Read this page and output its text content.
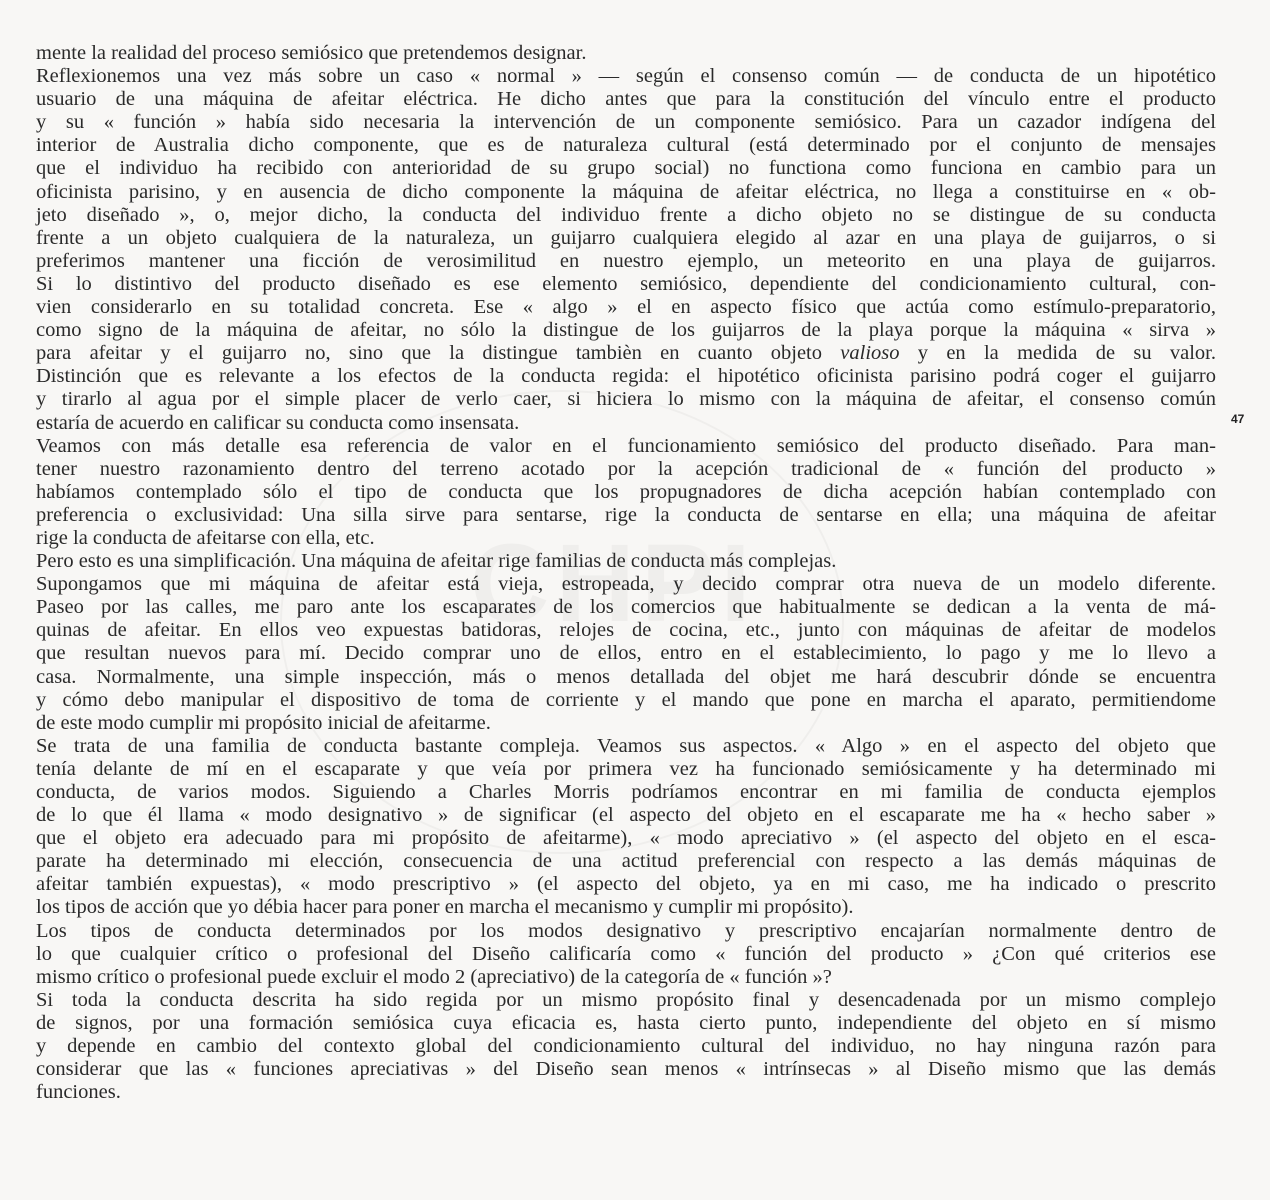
mente la realidad del proceso semiósico que pretendemos designar.
Reflexionemos una vez más sobre un caso « normal » — según el consenso común — de conducta de un hipotético
usuario de una máquina de afeitar eléctrica. He dicho antes que para la constitución del vínculo entre el producto
y su « función » había sido necesaria la intervención de un componente semiósico. Para un cazador indígena del
interior de Australia dicho componente, que es de naturaleza cultural (está determinado por el conjunto de mensajes
que el individuo ha recibido con anterioridad de su grupo social) no functiona como funciona en cambio para un
oficinista parisino, y en ausencia de dicho componente la máquina de afeitar eléctrica, no llega a constituirse en « ob-
jeto diseñado », o, mejor dicho, la conducta del individuo frente a dicho objeto no se distingue de su conducta
frente a un objeto cualquiera de la naturaleza, un guijarro cualquiera elegido al azar en una playa de guijarros, o si
preferimos mantener una ficción de verosimilitud en nuestro ejemplo, un meteorito en una playa de guijarros.
Si lo distintivo del producto diseñado es ese elemento semiósico, dependiente del condicionamiento cultural, con-
vien considerarlo en su totalidad concreta. Ese « algo » el en aspecto físico que actúa como estímulo-preparatorio,
como signo de la máquina de afeitar, no sólo la distingue de los guijarros de la playa porque la máquina « sirva »
para afeitar y el guijarro no, sino que la distingue tambièn en cuanto objeto valioso y en la medida de su valor.
Distinción que es relevante a los efectos de la conducta regida: el hipotético oficinista parisino podrá coger el guijarro
y tirarlo al agua por el simple placer de verlo caer, si hiciera lo mismo con la máquina de afeitar, el consenso común
estaría de acuerdo en calificar su conducta como insensata.
Veamos con más detalle esa referencia de valor en el funcionamiento semiósico del producto diseñado. Para man-
tener nuestro razonamiento dentro del terreno acotado por la acepción tradicional de « función del producto »
habíamos contemplado sólo el tipo de conducta que los propugnadores de dicha acepción habían contemplado con
preferencia o exclusividad: Una silla sirve para sentarse, rige la conducta de sentarse en ella; una máquina de afeitar
rige la conducta de afeitarse con ella, etc.
Pero esto es una simplificación. Una máquina de afeitar rige familias de conducta más complejas.
Supongamos que mi máquina de afeitar está vieja, estropeada, y decido comprar otra nueva de un modelo diferente.
Paseo por las calles, me paro ante los escaparates de los comercios que habitualmente se dedican a la venta de má-
quinas de afeitar. En ellos veo expuestas batidoras, relojes de cocina, etc., junto con máquinas de afeitar de modelos
que resultan nuevos para mí. Decido comprar uno de ellos, entro en el establecimiento, lo pago y me lo llevo a
casa. Normalmente, una simple inspección, más o menos detallada del objet me hará descubrir dónde se encuentra
y cómo debo manipular el dispositivo de toma de corriente y el mando que pone en marcha el aparato, permitiendome
de este modo cumplir mi propósito inicial de afeitarme.
Se trata de una familia de conducta bastante compleja. Veamos sus aspectos. « Algo » en el aspecto del objeto que
tenía delante de mí en el escaparate y que veía por primera vez ha funcionado semiósicamente y ha determinado mi
conducta, de varios modos. Siguiendo a Charles Morris podríamos encontrar en mi familia de conducta ejemplos
de lo que él llama « modo designativo » de significar (el aspecto del objeto en el escaparate me ha « hecho saber »
que el objeto era adecuado para mi propósito de afeitarme), « modo apreciativo » (el aspecto del objeto en el esca-
parate ha determinado mi elección, consecuencia de una actitud preferencial con respecto a las demás máquinas de
afeitar también expuestas), « modo prescriptivo » (el aspecto del objeto, ya en mi caso, me ha indicado o prescrito
los tipos de acción que yo débia hacer para poner en marcha el mecanismo y cumplir mi propósito).
Los tipos de conducta determinados por los modos designativo y prescriptivo encajarían normalmente dentro de
lo que cualquier crítico o profesional del Diseño calificaría como « función del producto » ¿Con qué criterios ese
mismo crítico o profesional puede excluir el modo 2 (apreciativo) de la categoría de « función »?
Si toda la conducta descrita ha sido regida por un mismo propósito final y desencadenada por un mismo complejo
de signos, por una formación semiósica cuya eficacia es, hasta cierto punto, independiente del objeto en sí mismo
y depende en cambio del contexto global del condicionamiento cultural del individuo, no hay ninguna razón para
considerar que las « funciones apreciativas » del Diseño sean menos « intrínsecas » al Diseño mismo que las demás
funciones.
47
